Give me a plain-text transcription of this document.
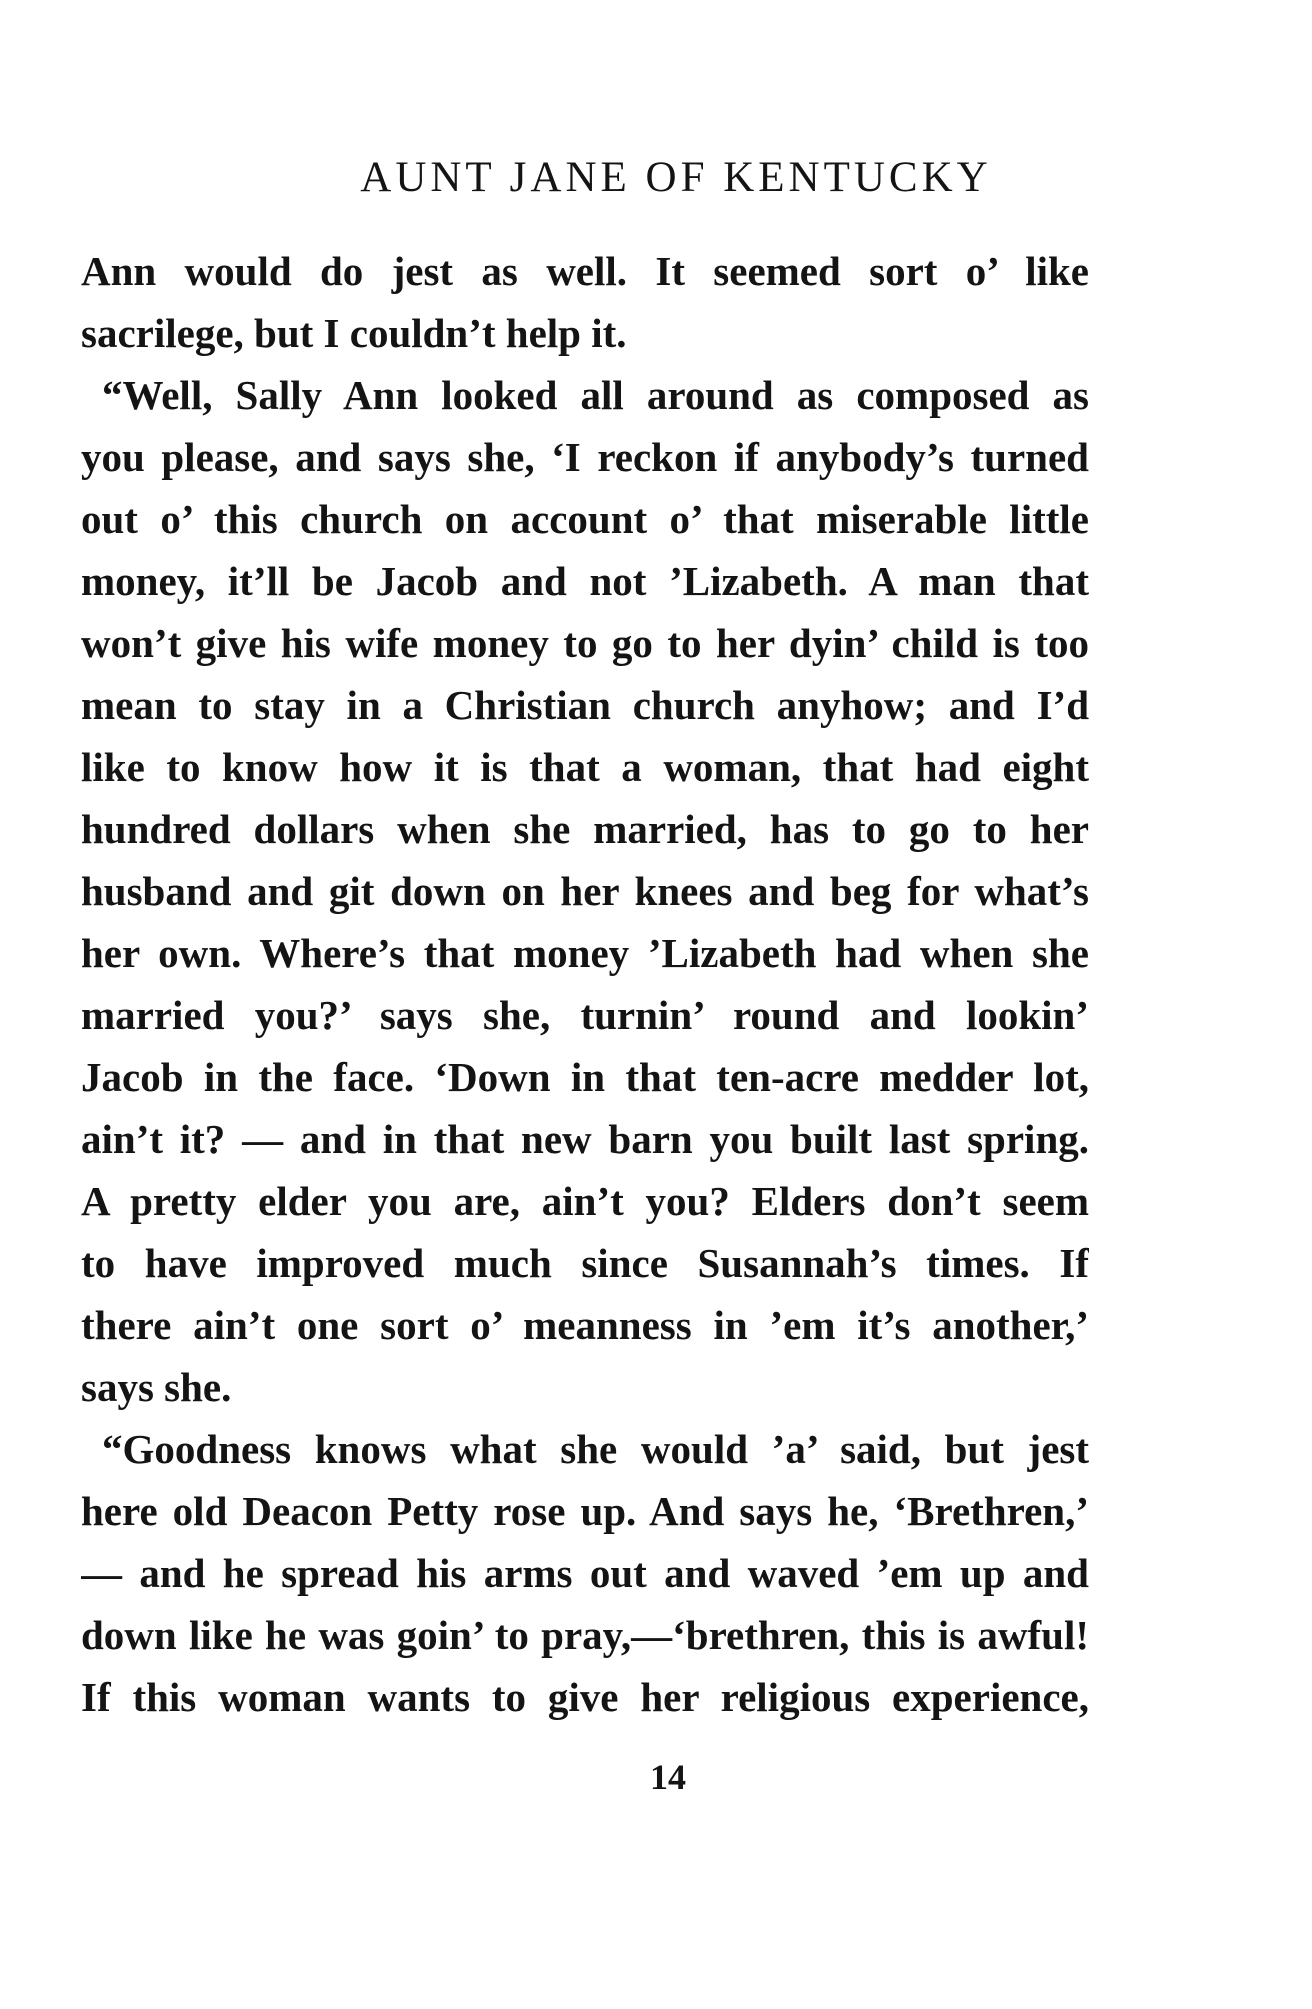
AUNT JANE OF KENTUCKY
Ann would do jest as well. It seemed sort o’ like
sacrilege, but I couldn’t help it.
“Well, Sally Ann looked all around as composed as
you please, and says she, ‘I reckon if anybody’s turned
out o’ this church on account o’ that miserable little
money, it’ll be Jacob and not ’Lizabeth. A man that
won’t give his wife money to go to her dyin’ child is too
mean to stay in a Christian church anyhow; and I’d
like to know how it is that a woman, that had eight
hundred dollars when she married, has to go to her
husband and git down on her knees and beg for what’s
her own. Where’s that money ’Lizabeth had when she
married you?’ says she, turnin’ round and lookin’
Jacob in the face. ‘Down in that ten-acre medder lot,
ain’t it? — and in that new barn you built last spring.
A pretty elder you are, ain’t you? Elders don’t seem
to have improved much since Susannah’s times. If
there ain’t one sort o’ meanness in ’em it’s another,’
says she.
“Goodness knows what she would ’a’ said, but jest
here old Deacon Petty rose up. And says he, ‘Brethren,’
— and he spread his arms out and waved ’em up and
down like he was goin’ to pray,—‘brethren, this is awful!
If this woman wants to give her religious experience,
14
